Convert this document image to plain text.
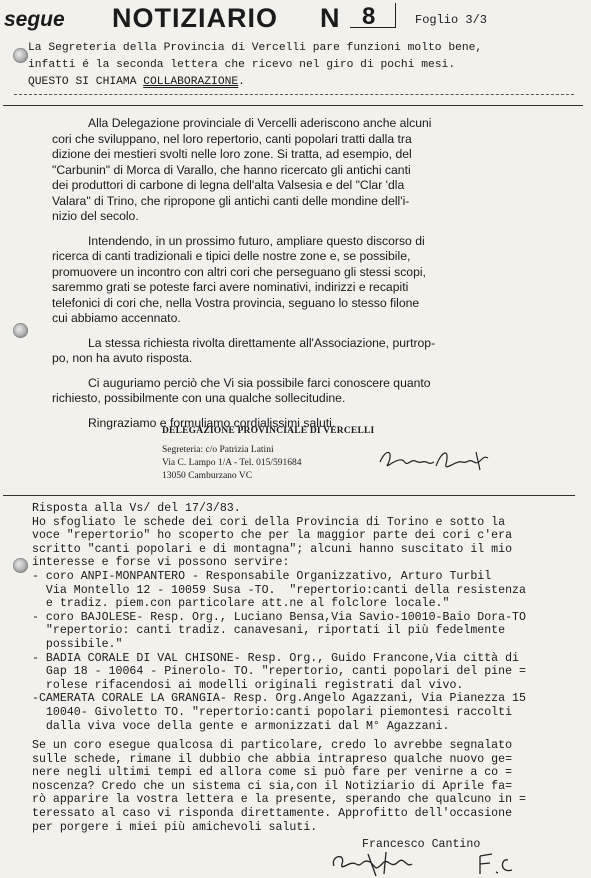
segue NOTIZIARIO N 8	Foglio 3/3

La Segreteria della Provincia di Vercelli pare funzioni molto bene,

infatti é la seconda lettera che ricevo nel giro di pochi mesi.

QUESTO SI CHIAMA COLLABORAZIONE.

Alla Delegazione provinciale di Vercelli aderiscono anche alcuni
cori che sviluppano, nel loro repertorio, canti popolari tratti dalla tra
dizione dei mestieri svolti nelle loro zone. Si tratta, ad esempio, del
"Carbunin" di Morca di Varallo, che hanno ricercato gli antichi canti
dei produttori di carbone di legna dell'alta Valsesia e del "Clar 'dla
Valara" di Trino, che ripropone gli antichi canti delle mondine dell'i-
nizio del secolo.

Intendendo, in un prossimo futuro, ampliare questo discorso di
ricerca di canti tradizionali e tipici delle nostre zone e, se possibile,
promuovere un incontro con altri cori che perseguano gli stessi scopi,
saremmo grati se poteste farci avere nominativi, indirizzi e recapiti
telefonici di cori che, nella Vostra provincia, seguano lo stesso filone
cui abbiamo accennato.

La stessa richiesta rivolta direttamente all'Associazione, purtrop-
po, non ha avuto risposta.

Ci auguriamo perciò che Vi sia possibile farci conoscere quanto
richiesto, possibilmente con una qualche sollecitudine.

Ringraziamo e formuliamo cordialissimi saluti.

DELEGAZIONE PROVINCIALE DI VERCELLI
Segreteria: c/o Patrizia Latini
Via C. Lampo 1/A - Tel. 015/591684
13050 Camburzano VC

Risposta alla Vs/ del 17/3/83.

Ho sfogliato le schede dei cori della Provincia di Torino e sotto la

voce "repertorio" ho scoperto che per la maggior parte dei cori c'era

scritto "canti popolari e di montagna"; alcuni hanno suscitato il mio

interesse e forse vi possono servire:

- coro ANPI-MONPANTERO - Responsabile Organizzativo, Arturo Turbil

Via Montello 12 - 10059 Susa -TO.  "repertorio:canti della resistenza

e tradiz. piem.con particolare att.ne al folclore locale."

- coro BAJOLESE- Resp. Org., Luciano Bensa,Via Savio-10010-Baio Dora-TO

"repertorio: canti tradiz. canavesani, riportati il più fedelmente

possibile."

- BADIA CORALE DI VAL CHISONE- Resp. Org., Guido Francone,Via città di

Gap 18 - 10064 - Pinerolo- TO. "repertorio, canti popolari del pine =

rolese rifacendosi ai modelli originali registrati dal vivo.

-CAMERATA CORALE LA GRANGIA- Resp. Org.Angelo Agazzani, Via Pianezza 15

10040- Givoletto TO. "repertorio:canti popolari piemontesi raccolti

dalla viva voce della gente e armonizzati dal M° Agazzani.

Se un coro esegue qualcosa di particolare, credo lo avrebbe segnalato

sulle schede, rimane il dubbio che abbia intrapreso qualche nuovo ge=

nere negli ultimi tempi ed allora come si può fare per venirne a co =

noscenza? Credo che un sistema ci sia,con il Notiziario di Aprile fa=

rò apparire la vostra lettera e la presente, sperando che qualcuno in =

teressato al caso vi risponda direttamente. Approfitto dell'occasione

per porgere i miei più amichevoli saluti.

Francesco Cantino
